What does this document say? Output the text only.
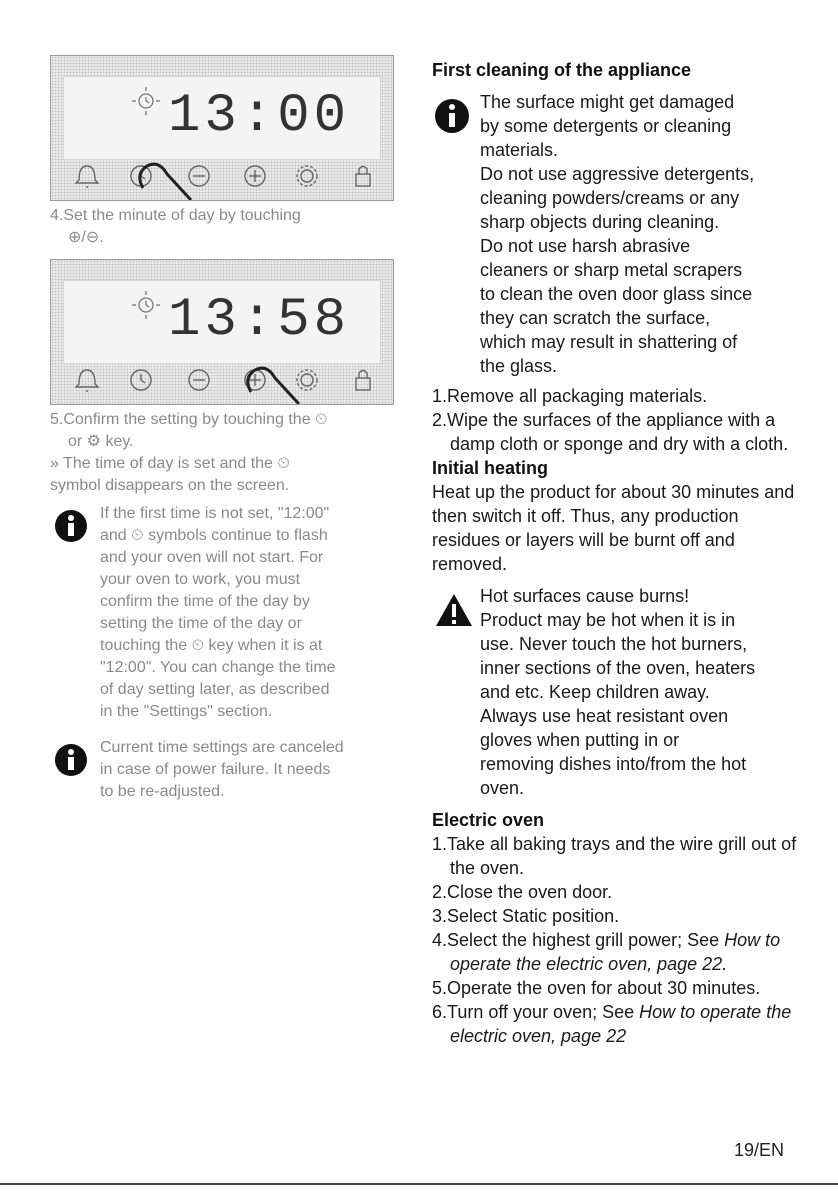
13:00

4.Set the minute of day by touching

⊕/⊖.

13:58

5.Confirm the setting by touching the ⏲

or ⚙ key.

» The time of day is set and the ⏲

symbol disappears on the screen.

If the first time is not set, "12:00"

and ⏲ symbols continue to flash

and your oven will not start. For

your oven to work, you must

confirm the time of the day by

setting the time of the day or

touching the ⏲ key when it is at

"12:00". You can change the time

of day setting later, as described

in the "Settings" section.

Current time settings are canceled

in case of power failure. It needs

to be re-adjusted.

First cleaning of the appliance

The surface might get damaged

by some detergents or cleaning

materials.

Do not use aggressive detergents,

cleaning powders/creams or any

sharp objects during cleaning.

Do not use harsh abrasive

cleaners or sharp metal scrapers

to clean the oven door glass since

they can scratch the surface,

which may result in shattering of

the glass.

1.Remove all packaging materials.

2.Wipe the surfaces of the appliance with a damp cloth or sponge and dry with a cloth.

Initial heating

Heat up the product for about 30 minutes and then switch it off. Thus, any production residues or layers will be burnt off and removed.

Hot surfaces cause burns!

Product may be hot when it is in

use. Never touch the hot burners,

inner sections of the oven, heaters

and etc. Keep children away.

Always use heat resistant oven

gloves when putting in or

removing dishes into/from the hot

oven.

Electric oven

1.Take all baking trays and the wire grill out of the oven.

2.Close the oven door.

3.Select Static position.

4.Select the highest grill power; See How to operate the electric oven, page 22.

5.Operate the oven for about 30 minutes.

6.Turn off your oven; See How to operate the electric oven, page 22

19/EN
